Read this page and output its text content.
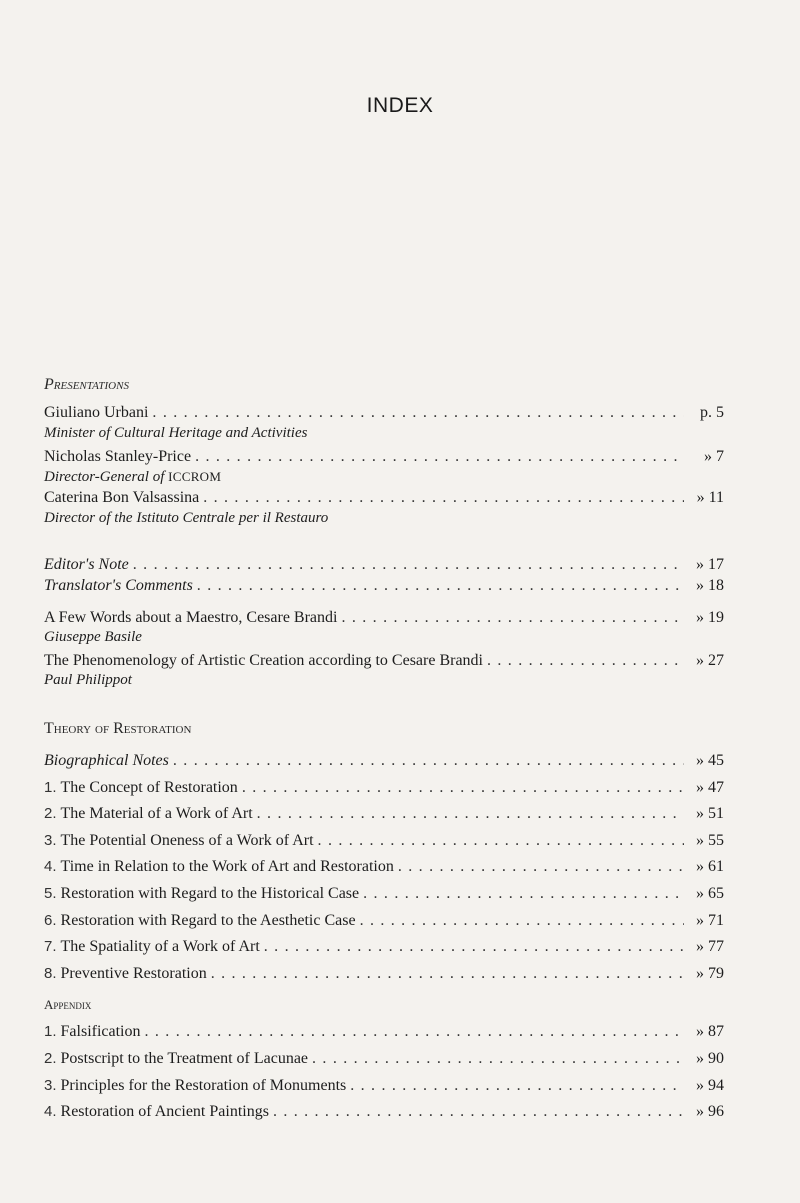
INDEX
Presentations
Giuliano Urbani . . .	p. 5
Minister of Cultural Heritage and Activities
Nicholas Stanley-Price . . .	» 7
Director-General of ICCROM
Caterina Bon Valsassina . . .	» 11
Director of the Istituto Centrale per il Restauro
Editor's Note . . .	» 17
Translator's Comments . . .	» 18
A Few Words about a Maestro, Cesare Brandi . . .	» 19
Giuseppe Basile
The Phenomenology of Artistic Creation according to Cesare Brandi . . .	» 27
Paul Philippot
Theory of Restoration
Biographical Notes . . .	» 45
1. The Concept of Restoration . . .	» 47
2. The Material of a Work of Art . . .	» 51
3. The Potential Oneness of a Work of Art . . .	» 55
4. Time in Relation to the Work of Art and Restoration . . .	» 61
5. Restoration with Regard to the Historical Case . . .	» 65
6. Restoration with Regard to the Aesthetic Case . . .	» 71
7. The Spatiality of a Work of Art . . .	» 77
8. Preventive Restoration . . .	» 79
Appendix
1. Falsification . . .	» 87
2. Postscript to the Treatment of Lacunae . . .	» 90
3. Principles for the Restoration of Monuments . . .	» 94
4. Restoration of Ancient Paintings . . .	» 96
